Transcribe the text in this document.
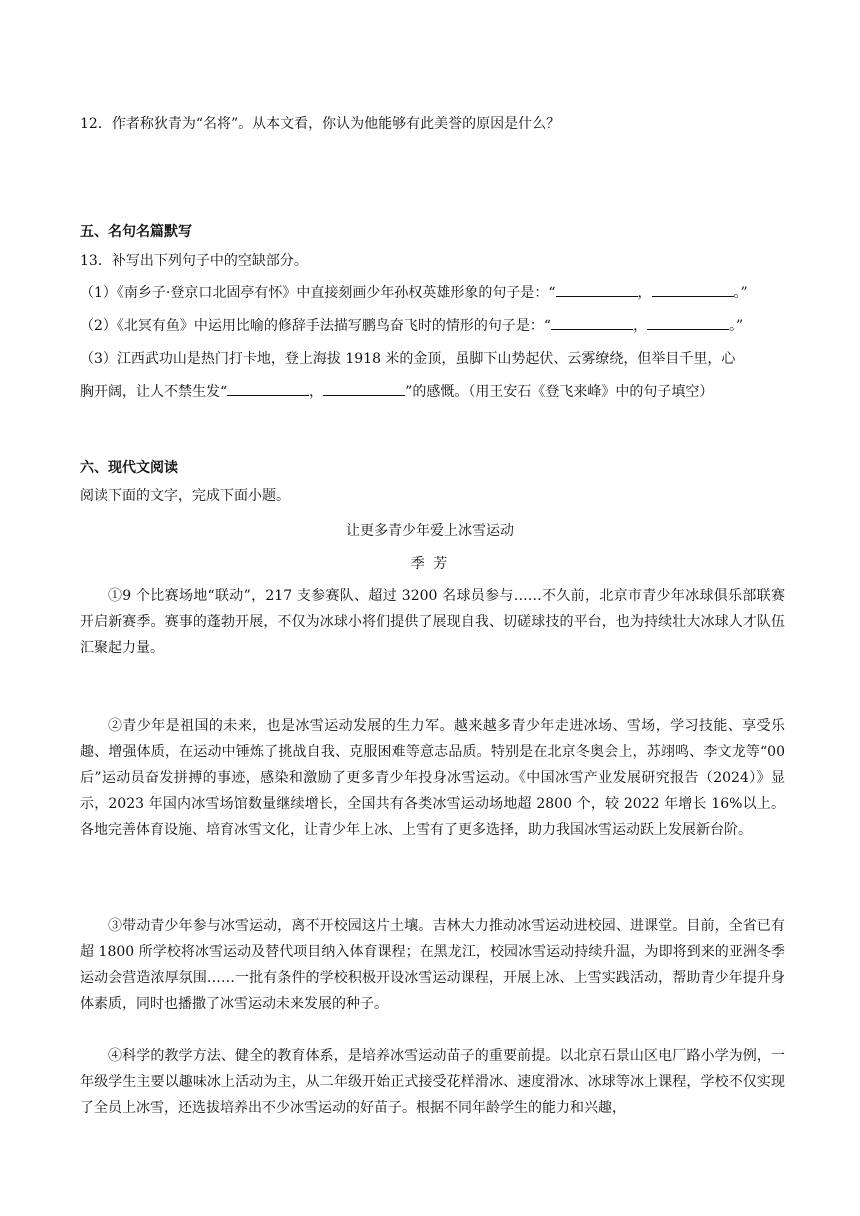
12．作者称狄青为“名将”。从本文看，你认为他能够有此美誉的原因是什么？
五、名句名篇默写
13．补写出下列句子中的空缺部分。
（1）《南乡子·登京口北固亭有怀》中直接刻画少年孙权英雄形象的句子是：“	，	。”
（2）《北冥有鱼》中运用比喻的修辞手法描写鹏鸟奋飞时的情形的句子是：“	，	。”
（3）江西武功山是热门打卡地，登上海拔 1918 米的金顶，虽脚下山势起伏、云雾缭绕，但举目千里，心
胸开阔，让人不禁生发“	，	”的感慨。（用王安石《登飞来峰》中的句子填空）
六、现代文阅读
阅读下面的文字，完成下面小题。
让更多青少年爱上冰雪运动
季 芳
①9 个比赛场地“联动”，217 支参赛队、超过 3200 名球员参与……不久前，北京市青少年冰球俱乐部联赛开启新赛季。赛事的蓬勃开展，不仅为冰球小将们提供了展现自我、切磋球技的平台，也为持续壮大冰球人才队伍汇聚起力量。
②青少年是祖国的未来，也是冰雪运动发展的生力军。越来越多青少年走进冰场、雪场，学习技能、享受乐趣、增强体质，在运动中锤炼了挑战自我、克服困难等意志品质。特别是在北京冬奥会上，苏翊鸣、李文龙等“00 后”运动员奋发拼搏的事迹，感染和激励了更多青少年投身冰雪运动。《中国冰雪产业发展研究报告（2024）》显示，2023 年国内冰雪场馆数量继续增长，全国共有各类冰雪运动场地超 2800 个，较 2022 年增长 16%以上。各地完善体育设施、培育冰雪文化，让青少年上冰、上雪有了更多选择，助力我国冰雪运动跃上发展新台阶。
③带动青少年参与冰雪运动，离不开校园这片土壤。吉林大力推动冰雪运动进校园、进课堂。目前，全省已有超 1800 所学校将冰雪运动及替代项目纳入体育课程；在黑龙江，校园冰雪运动持续升温，为即将到来的亚洲冬季运动会营造浓厚氛围……一批有条件的学校积极开设冰雪运动课程，开展上冰、上雪实践活动，帮助青少年提升身体素质，同时也播撒了冰雪运动未来发展的种子。
④科学的教学方法、健全的教育体系，是培养冰雪运动苗子的重要前提。以北京石景山区电厂路小学为例，一年级学生主要以趣味冰上活动为主，从二年级开始正式接受花样滑冰、速度滑冰、冰球等冰上课程，学校不仅实现了全员上冰雪，还选拔培养出不少冰雪运动的好苗子。根据不同年龄学生的能力和兴趣，
